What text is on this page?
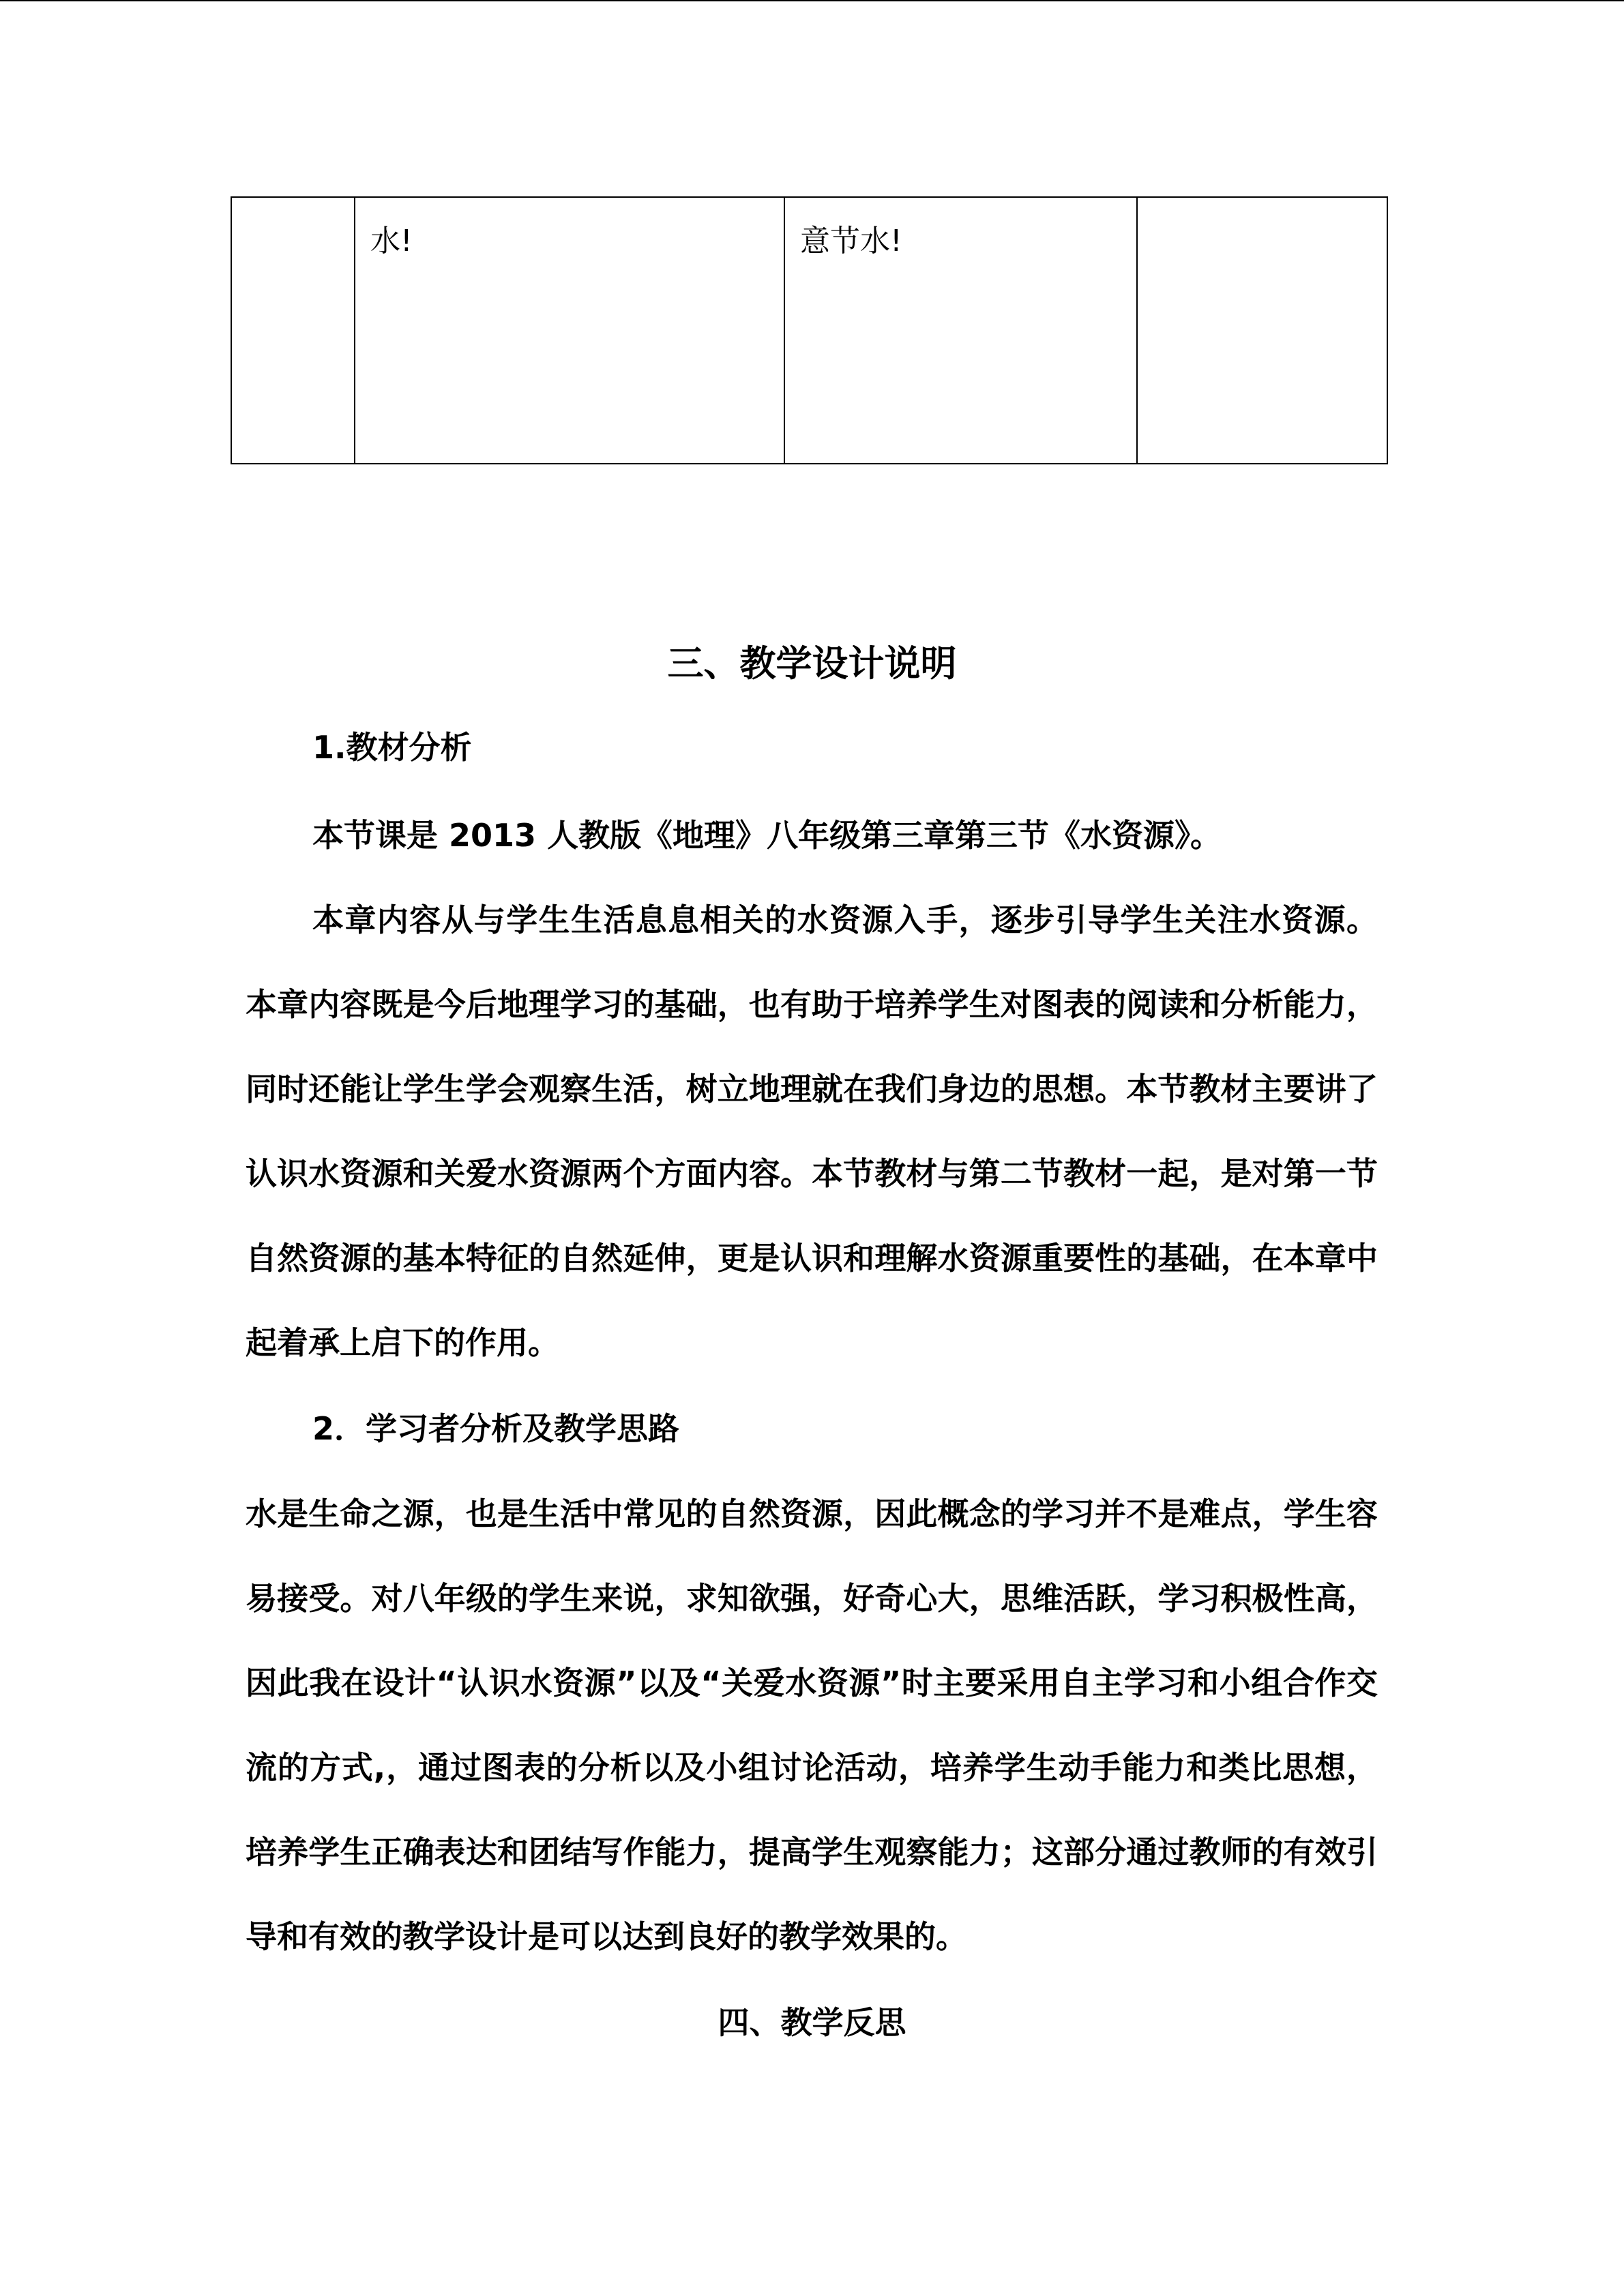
	水!	意节水!	
三、教学设计说明
1.教材分析

本节课是 2013 人教版《地理》八年级第三章第三节《水资源》。

本章内容从与学生生活息息相关的水资源入手，逐步引导学生关注水资源。本章内容既是今后地理学习的基础，也有助于培养学生对图表的阅读和分析能力，同时还能让学生学会观察生活，树立地理就在我们身边的思想。本节教材主要讲了认识水资源和关爱水资源两个方面内容。本节教材与第二节教材一起，是对第一节自然资源的基本特征的自然延伸，更是认识和理解水资源重要性的基础，在本章中起着承上启下的作用。

2．学习者分析及教学思路

水是生命之源，也是生活中常见的自然资源，因此概念的学习并不是难点，学生容易接受。对八年级的学生来说，求知欲强，好奇心大，思维活跃，学习积极性高，因此我在设计“认识水资源”以及“关爱水资源”时主要采用自主学习和小组合作交流的方式,，通过图表的分析以及小组讨论活动，培养学生动手能力和类比思想，培养学生正确表达和团结写作能力，提高学生观察能力；这部分通过教师的有效引导和有效的教学设计是可以达到良好的教学效果的。

四、教学反思
